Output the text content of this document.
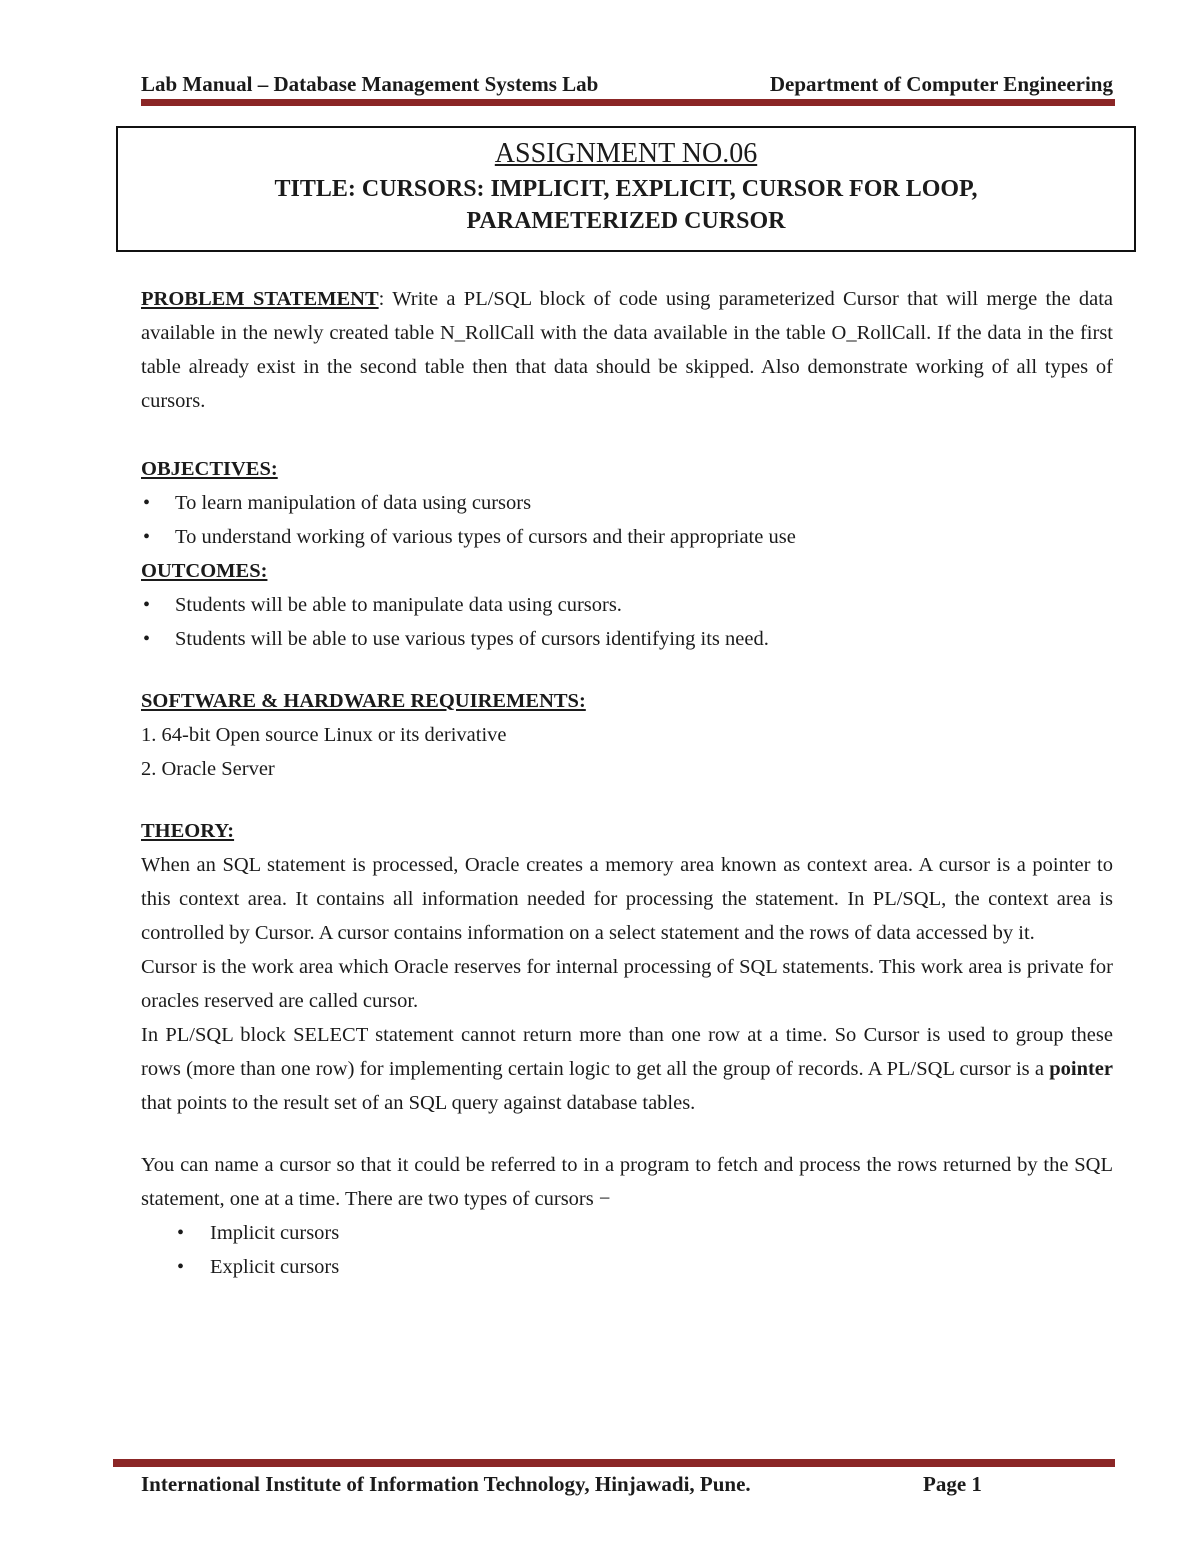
Lab Manual – Database Management Systems Lab	Department of Computer Engineering
ASSIGNMENT NO.06
TITLE: CURSORS: IMPLICIT, EXPLICIT, CURSOR FOR LOOP,
PARAMETERIZED CURSOR

PROBLEM STATEMENT: Write a PL/SQL block of code using parameterized Cursor that will merge the data available in the newly created table N_RollCall with the data available in the table O_RollCall. If the data in the first table already exist in the second table then that data should be skipped. Also demonstrate working of all types of cursors.

OBJECTIVES:

• To learn manipulation of data using cursors
• To understand working of various types of cursors and their appropriate use

OUTCOMES:

• Students will be able to manipulate data using cursors.
• Students will be able to use various types of cursors identifying its need.

SOFTWARE & HARDWARE REQUIREMENTS:

1. 64-bit Open source Linux or its derivative

2. Oracle Server

THEORY:

When an SQL statement is processed, Oracle creates a memory area known as context area. A cursor is a pointer to this context area. It contains all information needed for processing the statement. In PL/SQL, the context area is controlled by Cursor. A cursor contains information on a select statement and the rows of data accessed by it.

Cursor is the work area which Oracle reserves for internal processing of SQL statements. This work area is private for oracles reserved are called cursor.

In PL/SQL block SELECT statement cannot return more than one row at a time. So Cursor is used to group these rows (more than one row) for implementing certain logic to get all the group of records. A PL/SQL cursor is a pointer that points to the result set of an SQL query against database tables.

You can name a cursor so that it could be referred to in a program to fetch and process the rows returned by the SQL statement, one at a time. There are two types of cursors −

• Implicit cursors
• Explicit cursors
International Institute of Information Technology, Hinjawadi, Pune.	Page 1
